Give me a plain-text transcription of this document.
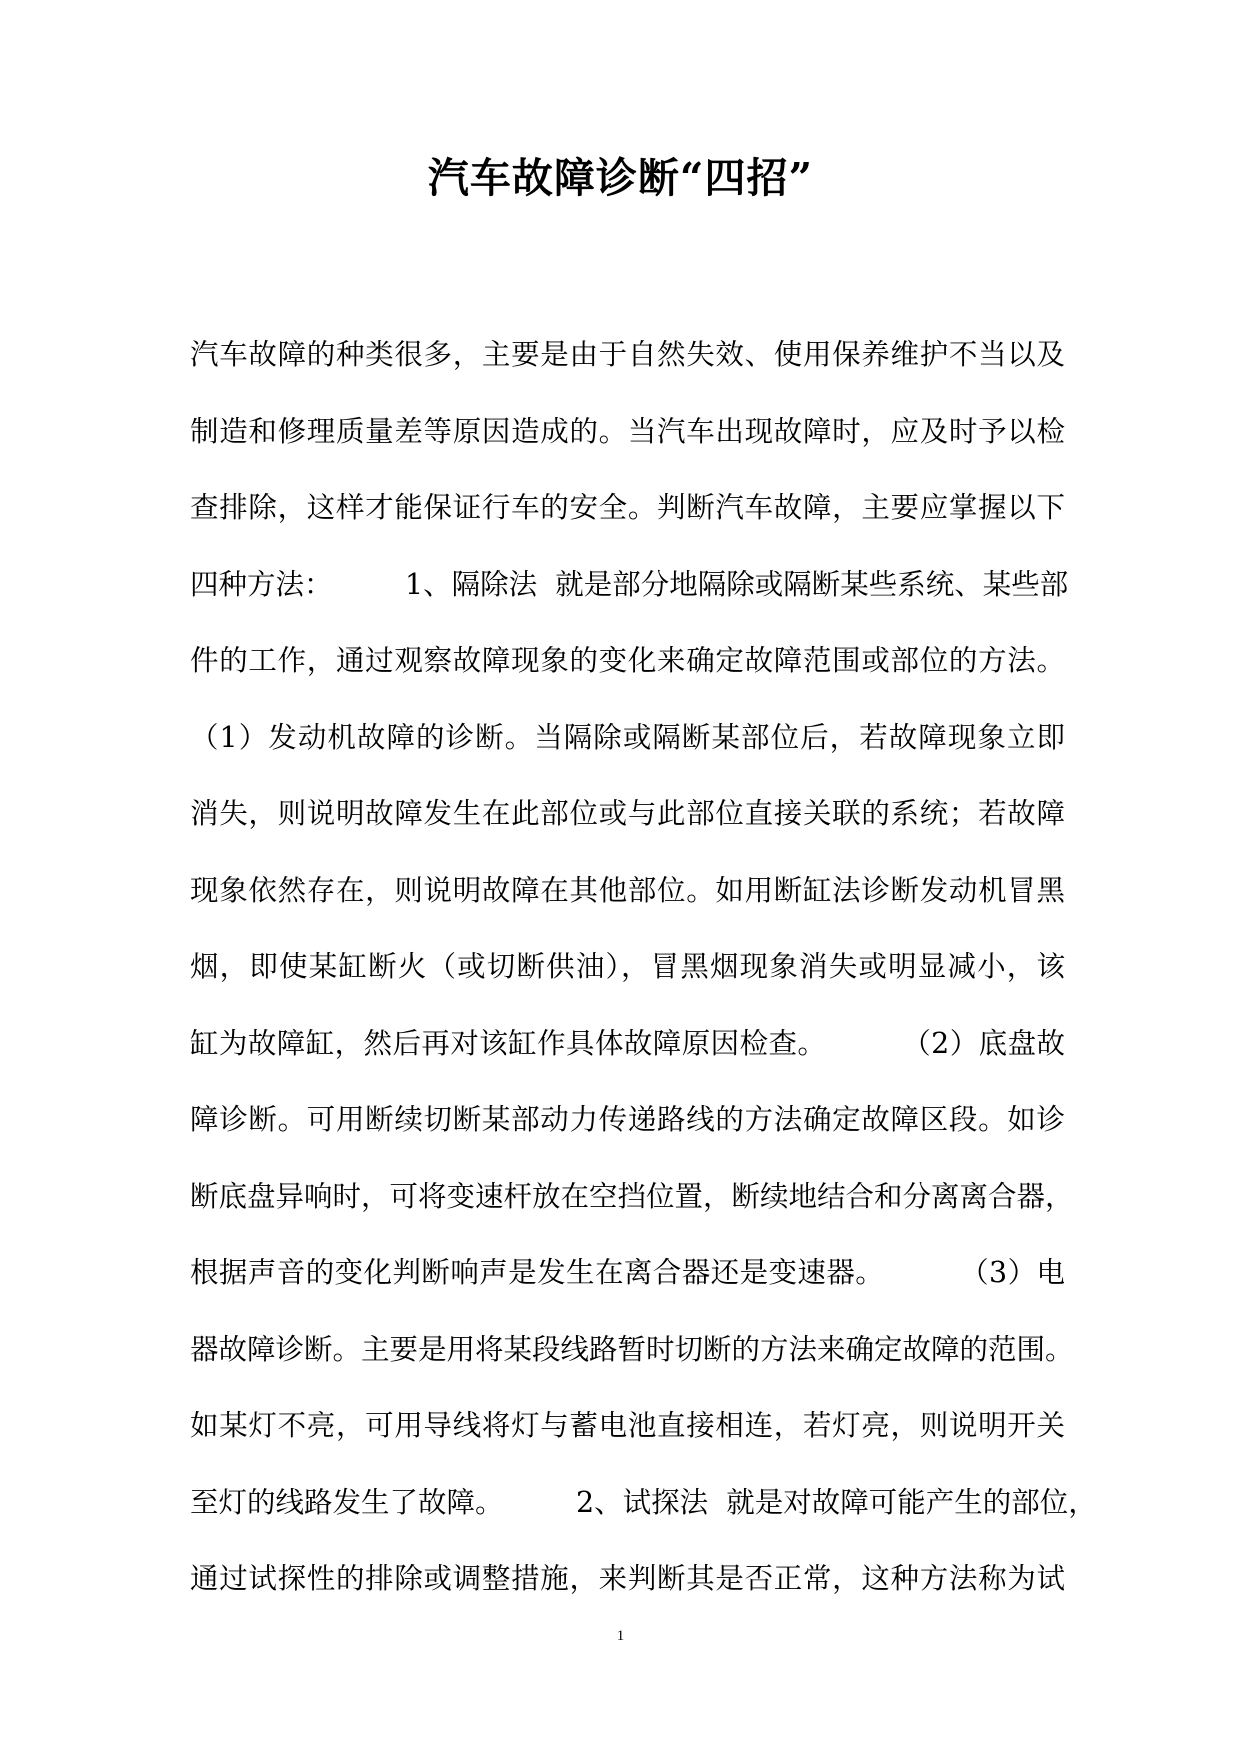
汽车故障诊断“四招”
汽车故障的种类很多，主要是由于自然失效、使用保养维护不当以及
制造和修理质量差等原因造成的。当汽车出现故障时，应及时予以检
查排除，这样才能保证行车的安全。判断汽车故障，主要应掌握以下
四种方法：        1、隔除法  就是部分地隔除或隔断某些系统、某些部
件的工作，通过观察故障现象的变化来确定故障范围或部位的方法。
（1）发动机故障的诊断。当隔除或隔断某部位后，若故障现象立即
消失，则说明故障发生在此部位或与此部位直接关联的系统；若故障
现象依然存在，则说明故障在其他部位。如用断缸法诊断发动机冒黑
烟，即使某缸断火（或切断供油），冒黑烟现象消失或明显减小，该
缸为故障缸，然后再对该缸作具体故障原因检查。        （2）底盘故
障诊断。可用断续切断某部动力传递路线的方法确定故障区段。如诊
断底盘异响时，可将变速杆放在空挡位置，断续地结合和分离离合器，
根据声音的变化判断响声是发生在离合器还是变速器。        （3）电
器故障诊断。主要是用将某段线路暂时切断的方法来确定故障的范围。
如某灯不亮，可用导线将灯与蓄电池直接相连，若灯亮，则说明开关
至灯的线路发生了故障。        2、试探法  就是对故障可能产生的部位，
通过试探性的排除或调整措施，来判断其是否正常，这种方法称为试
1
